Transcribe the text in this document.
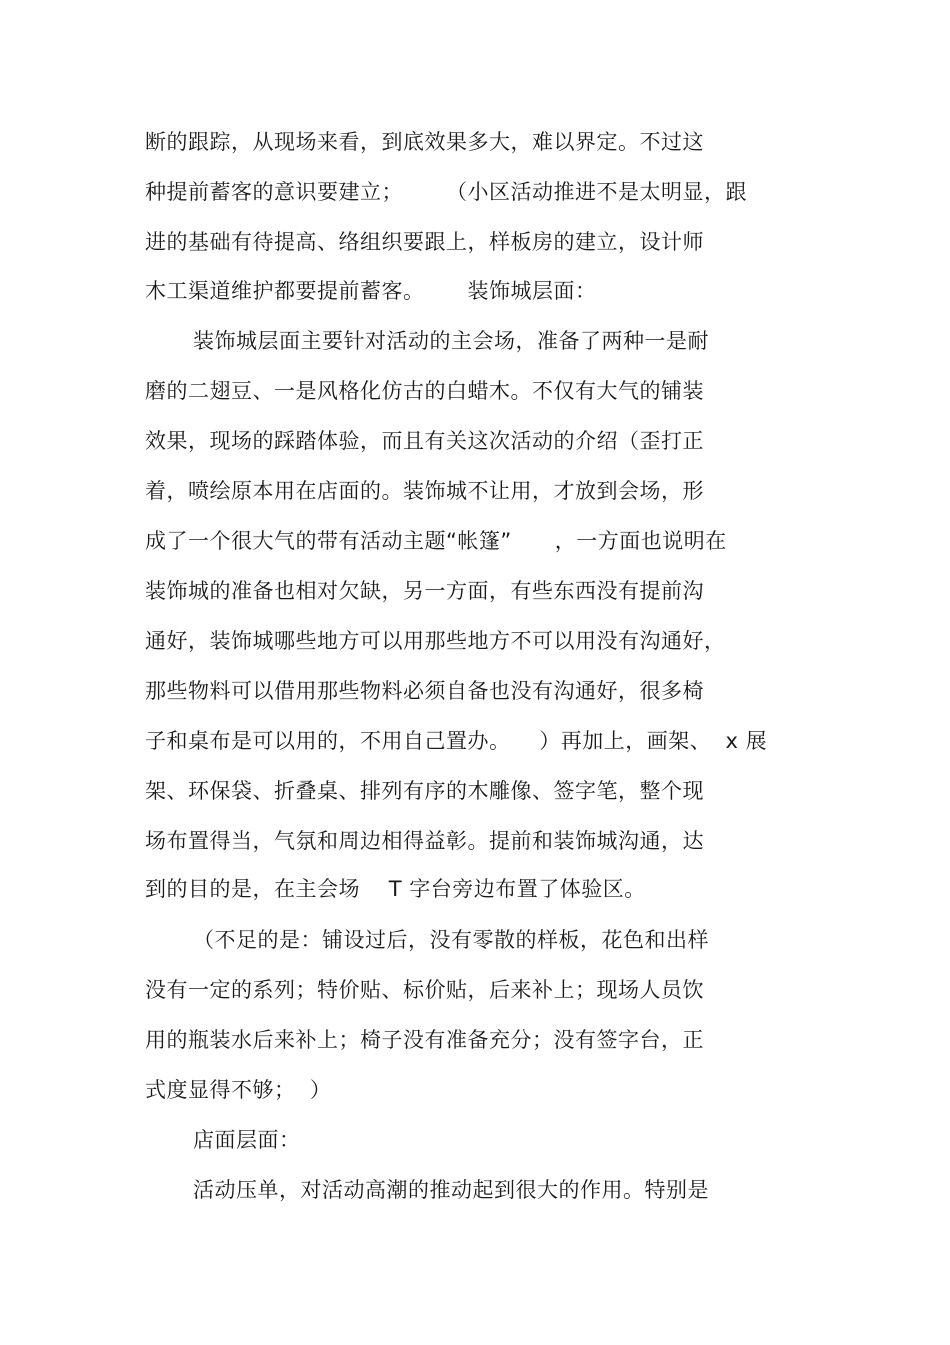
断的跟踪，从现场来看，到底效果多大，难以界定。不过这
种提前蓄客的意识要建立；      （小区活动推进不是太明显，跟
进的基础有待提高、络组织要跟上，样板房的建立，设计师
木工渠道维护都要提前蓄客。      装饰城层面：
装饰城层面主要针对活动的主会场，准备了两种一是耐
磨的二翅豆、一是风格化仿古的白蜡木。不仅有大气的铺装
效果，现场的踩踏体验，而且有关这次活动的介绍（歪打正
着，喷绘原本用在店面的。装饰城不让用，才放到会场，形
成了一个很大气的带有活动主题“帐篷”      ，一方面也说明在
装饰城的准备也相对欠缺，另一方面，有些东西没有提前沟
通好，装饰城哪些地方可以用那些地方不可以用没有沟通好，
那些物料可以借用那些物料必须自备也没有沟通好，很多椅
子和桌布是可以用的，不用自己置办。    ）再加上，画架、  x 展
架、环保袋、折叠桌、排列有序的木雕像、签字笔，整个现
场布置得当，气氛和周边相得益彰。提前和装饰城沟通，达
到的目的是，在主会场    T 字台旁边布置了体验区。
（不足的是：铺设过后，没有零散的样板，花色和出样
没有一定的系列；特价贴、标价贴，后来补上；现场人员饮
用的瓶装水后来补上；椅子没有准备充分；没有签字台，正
式度显得不够；  ）
店面层面：
活动压单，对活动高潮的推动起到很大的作用。特别是
